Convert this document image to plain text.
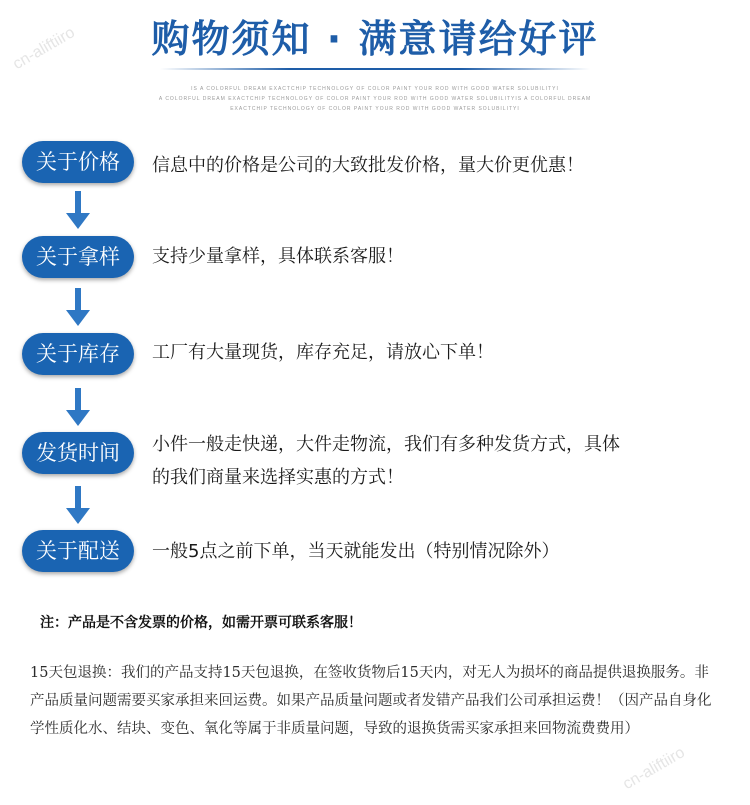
购物须知 · 满意请给好评
IS A COLORFUL DREAM EXACTCHIP TECHNOLOGY OF COLOR PAINT YOUR ROD WITH GOOD WATER SOLUBILITYI
A COLORFUL DREAM EXACTCHIP TECHNOLOGY OF COLOR PAINT YOUR ROD WITH GOOD WATER SOLUBILITYIS A COLORFUL DREAM
EXACTCHIP TECHNOLOGY OF COLOR PAINT YOUR ROD WITH GOOD WATER SOLUBILITYI
关于价格	信息中的价格是公司的大致批发价格，量大价更优惠！
关于拿样	支持少量拿样，具体联系客服！
关于库存	工厂有大量现货，库存充足，请放心下单！
发货时间	小件一般走快递，大件走物流，我们有多种发货方式，具体
的我们商量来选择实惠的方式！
关于配送	一般5点之前下单，当天就能发出（特别情况除外）
注：产品是不含发票的价格，如需开票可联系客服！
15天包退换：我们的产品支持15天包退换，在签收货物后15天内，对无人为损坏的商品提供退换服务。非产品质量问题需要买家承担来回运费。如果产品质量问题或者发错产品我们公司承担运费！（因产品自身化学性质化水、结块、变色、氧化等属于非质量问题，导致的退换货需买家承担来回物流费费用）
cn-aliftiiro
cn-aliftiiro
